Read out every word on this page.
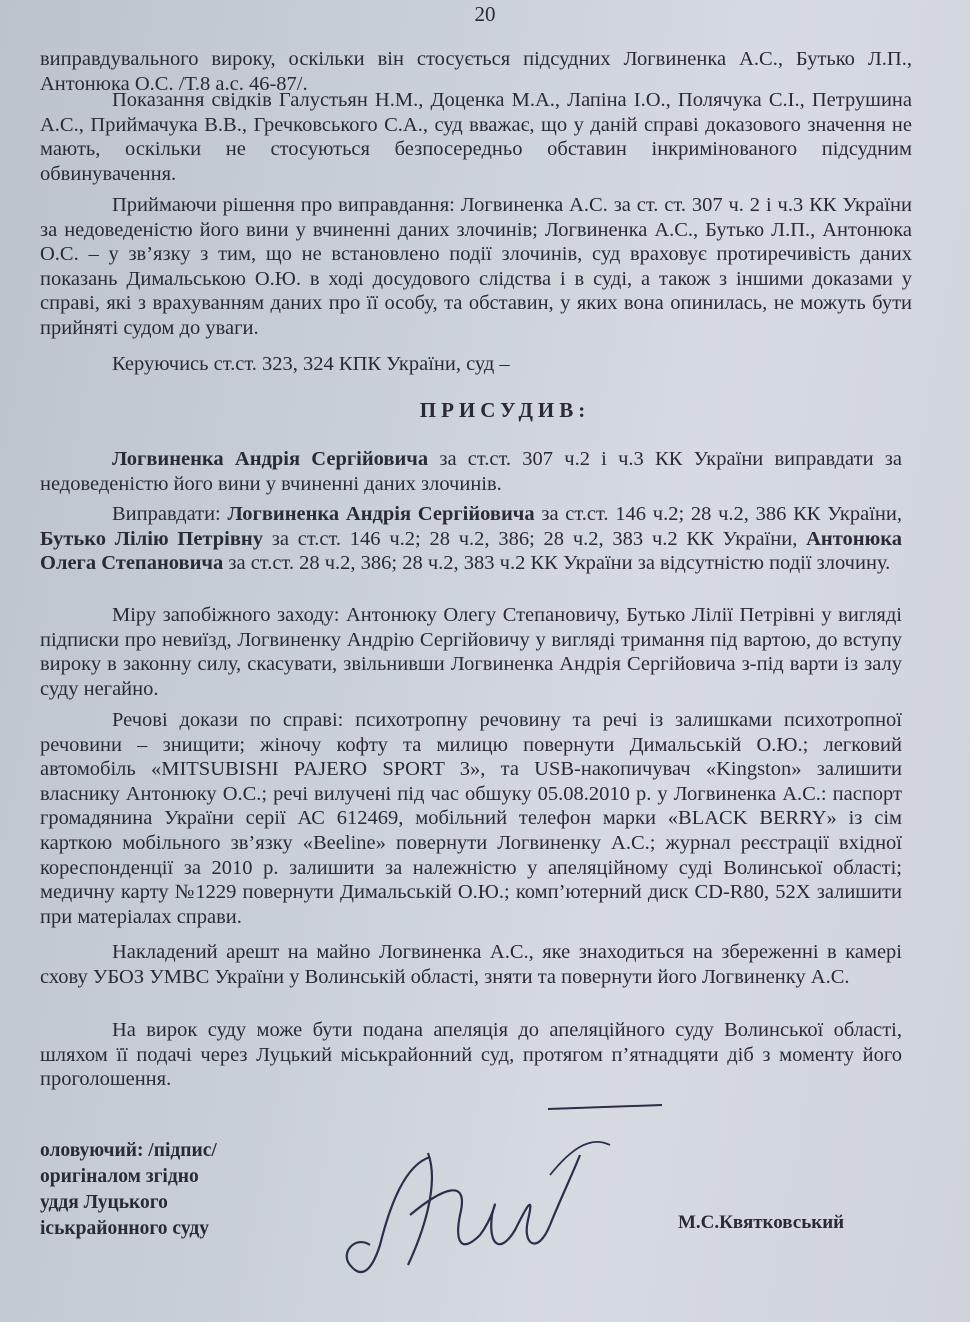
20

виправдувального вироку, оскільки він стосується підсудних Логвиненка А.С., Бутько Л.П., Антонюка О.С. /Т.8 а.с. 46-87/.

Показання свідків Галустьян Н.М., Доценка М.А., Лапіна І.О., Полячука С.І., Петрушина А.С., Приймачука В.В., Гречковського С.А., суд вважає, що у даній справі доказового значення не мають, оскільки не стосуються безпосередньо обставин інкримінованого підсудним обвинувачення.

Приймаючи рішення про виправдання: Логвиненка А.С. за ст. ст. 307 ч. 2 і ч.3 КК України за недоведеністю його вини у вчиненні даних злочинів; Логвиненка А.С., Бутько Л.П., Антонюка О.С. – у зв’язку з тим, що не встановлено події злочинів, суд враховує протиречивість даних показань Димальською О.Ю. в ході досудового слідства і в суді, а також з іншими доказами у справі, які з врахуванням даних про її особу, та обставин, у яких вона опинилась, не можуть бути прийняті судом до уваги.

Керуючись ст.ст. 323, 324 КПК України, суд –

ПРИСУДИВ:

Логвиненка Андрія Сергійовича за ст.ст. 307 ч.2 і ч.3 КК України виправдати за недоведеністю його вини у вчиненні даних злочинів.

Виправдати: Логвиненка Андрія Сергійовича за ст.ст. 146 ч.2; 28 ч.2, 386 КК України, Бутько Лілію Петрівну за ст.ст. 146 ч.2; 28 ч.2, 386; 28 ч.2, 383 ч.2 КК України, Антонюка Олега Степановича за ст.ст. 28 ч.2, 386; 28 ч.2, 383 ч.2 КК України за відсутністю події злочину.

Міру запобіжного заходу: Антонюку Олегу Степановичу, Бутько Лілії Петрівні у вигляді підписки про невиїзд, Логвиненку Андрію Сергійовичу у вигляді тримання під вартою, до вступу вироку в законну силу, скасувати, звільнивши Логвиненка Андрія Сергійовича з-під варти із залу суду негайно.

Речові докази по справі: психотропну речовину та речі із залишками психотропної речовини – знищити; жіночу кофту та милицю повернути Димальській О.Ю.; легковий автомобіль «MITSUBISHI PAJERO SPORT 3», та USB-накопичувач «Kingston» залишити власнику Антонюку О.С.; речі вилучені під час обшуку 05.08.2010 р. у Логвиненка А.С.: паспорт громадянина України серії АС 612469, мобільний телефон марки «BLACK BERRY» із сім карткою мобільного зв’язку «Beeline» повернути Логвиненку А.С.; журнал реєстрації вхідної кореспонденції за 2010 р. залишити за належністю у апеляційному суді Волинської області; медичну карту №1229 повернути Димальській О.Ю.; комп’ютерний диск CD-R80, 52X залишити при матеріалах справи.

Накладений арешт на майно Логвиненка А.С., яке знаходиться на збереженні в камері схову УБОЗ УМВС України у Волинській області, зняти та повернути його Логвиненку А.С.

На вирок суду може бути подана апеляція до апеляційного суду Волинської області, шляхом її подачі через Луцький міськрайонний суд, протягом п’ятнадцяти діб з моменту його проголошення.

оловуючий: /підпис/
оригіналом згідно
уддя Луцького
іськрайонного суду	М.С.Квятковський
